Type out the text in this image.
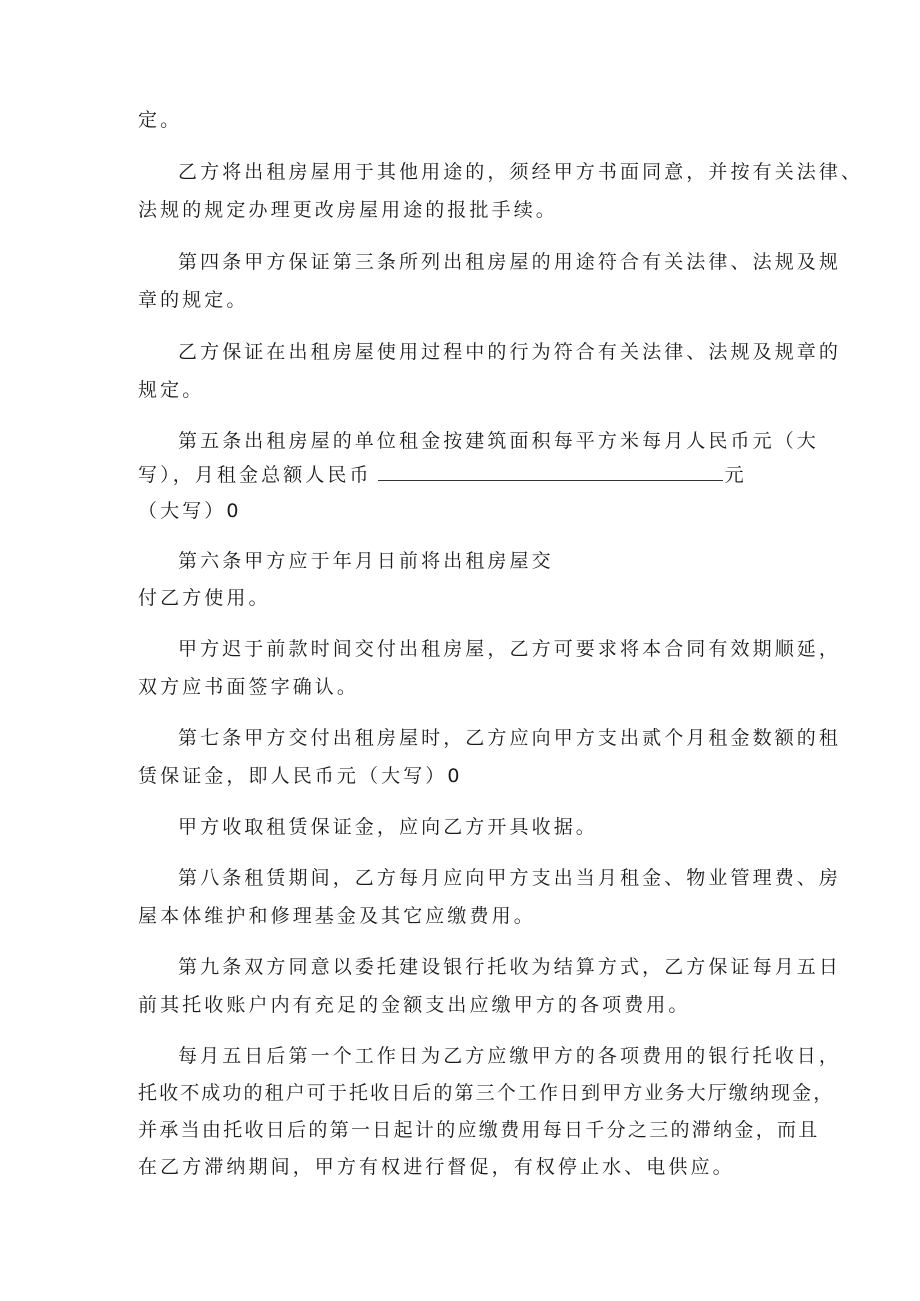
定。
乙方将出租房屋用于其他用途的，须经甲方书面同意，并按有关法律、
法规的规定办理更改房屋用途的报批手续。
第四条甲方保证第三条所列出租房屋的用途符合有关法律、法规及规
章的规定。
乙方保证在出租房屋使用过程中的行为符合有关法律、法规及规章的
规定。
第五条出租房屋的单位租金按建筑面积每平方米每月人民币元（大
写），月租金总额人民币	元
（大写）0
第六条甲方应于年月日前将出租房屋交
付乙方使用。
甲方迟于前款时间交付出租房屋，乙方可要求将本合同有效期顺延，
双方应书面签字确认。
第七条甲方交付出租房屋时，乙方应向甲方支出贰个月租金数额的租
赁保证金，即人民币元（大写）0
甲方收取租赁保证金，应向乙方开具收据。
第八条租赁期间，乙方每月应向甲方支出当月租金、物业管理费、房
屋本体维护和修理基金及其它应缴费用。
第九条双方同意以委托建设银行托收为结算方式，乙方保证每月五日
前其托收账户内有充足的金额支出应缴甲方的各项费用。
每月五日后第一个工作日为乙方应缴甲方的各项费用的银行托收日，
托收不成功的租户可于托收日后的第三个工作日到甲方业务大厅缴纳现金，
并承当由托收日后的第一日起计的应缴费用每日千分之三的滞纳金，而且
在乙方滞纳期间，甲方有权进行督促，有权停止水、电供应。
